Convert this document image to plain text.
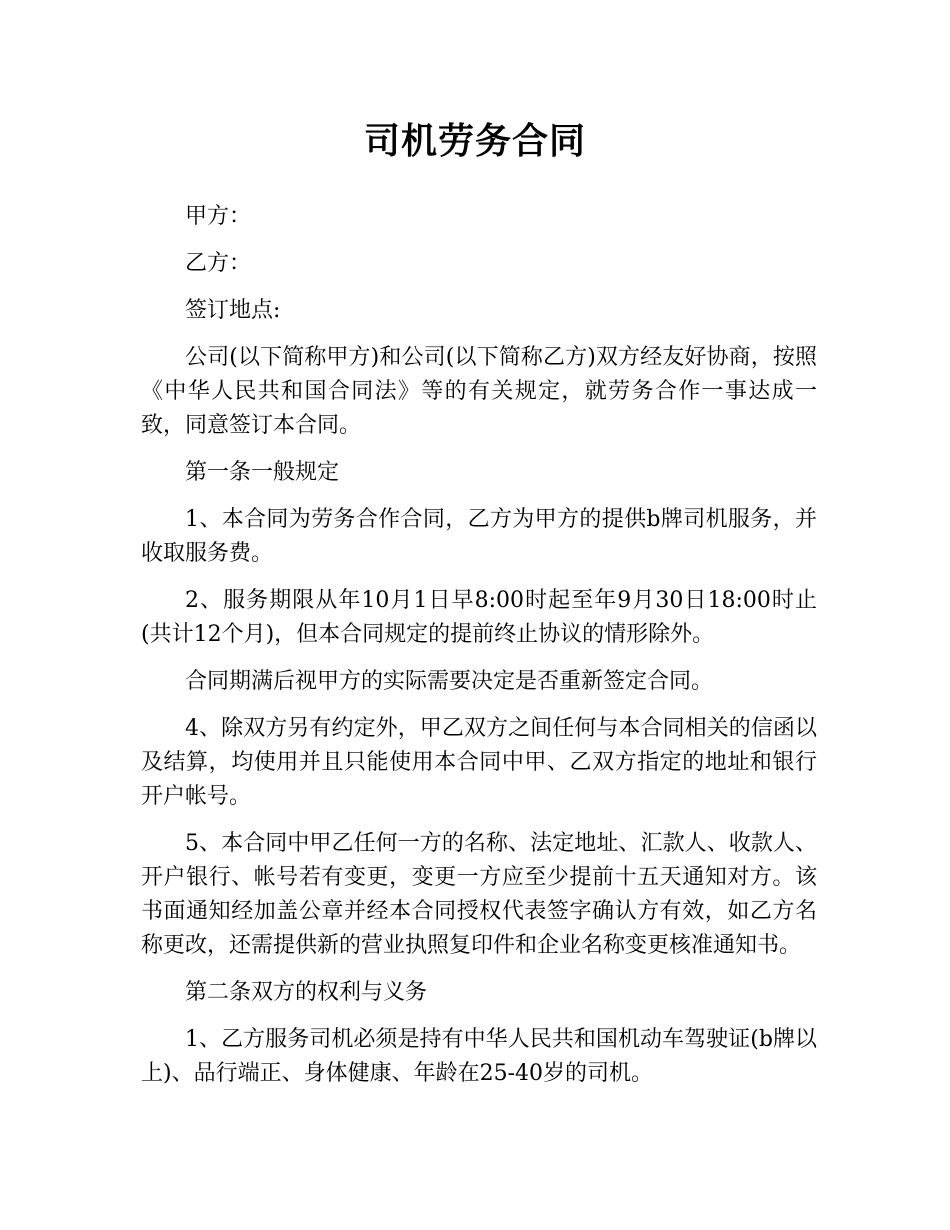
司机劳务合同

甲方：

乙方：

签订地点:

公司(以下简称甲方)和公司(以下简称乙方)双方经友好协商，按照《中华人民共和国合同法》等的有关规定，就劳务合作一事达成一致，同意签订本合同。

第一条一般规定

1、本合同为劳务合作合同，乙方为甲方的提供b牌司机服务，并收取服务费。

2、服务期限从年10月1日早8:00时起至年9月30日18:00时止(共计12个月)，但本合同规定的提前终止协议的情形除外。

合同期满后视甲方的实际需要决定是否重新签定合同。

4、除双方另有约定外，甲乙双方之间任何与本合同相关的信函以及结算，均使用并且只能使用本合同中甲、乙双方指定的地址和银行开户帐号。

5、本合同中甲乙任何一方的名称、法定地址、汇款人、收款人、开户银行、帐号若有变更，变更一方应至少提前十五天通知对方。该书面通知经加盖公章并经本合同授权代表签字确认方有效，如乙方名称更改，还需提供新的营业执照复印件和企业名称变更核准通知书。

第二条双方的权利与义务

1、乙方服务司机必须是持有中华人民共和国机动车驾驶证(b牌以上)、品行端正、身体健康、年龄在25-40岁的司机。
